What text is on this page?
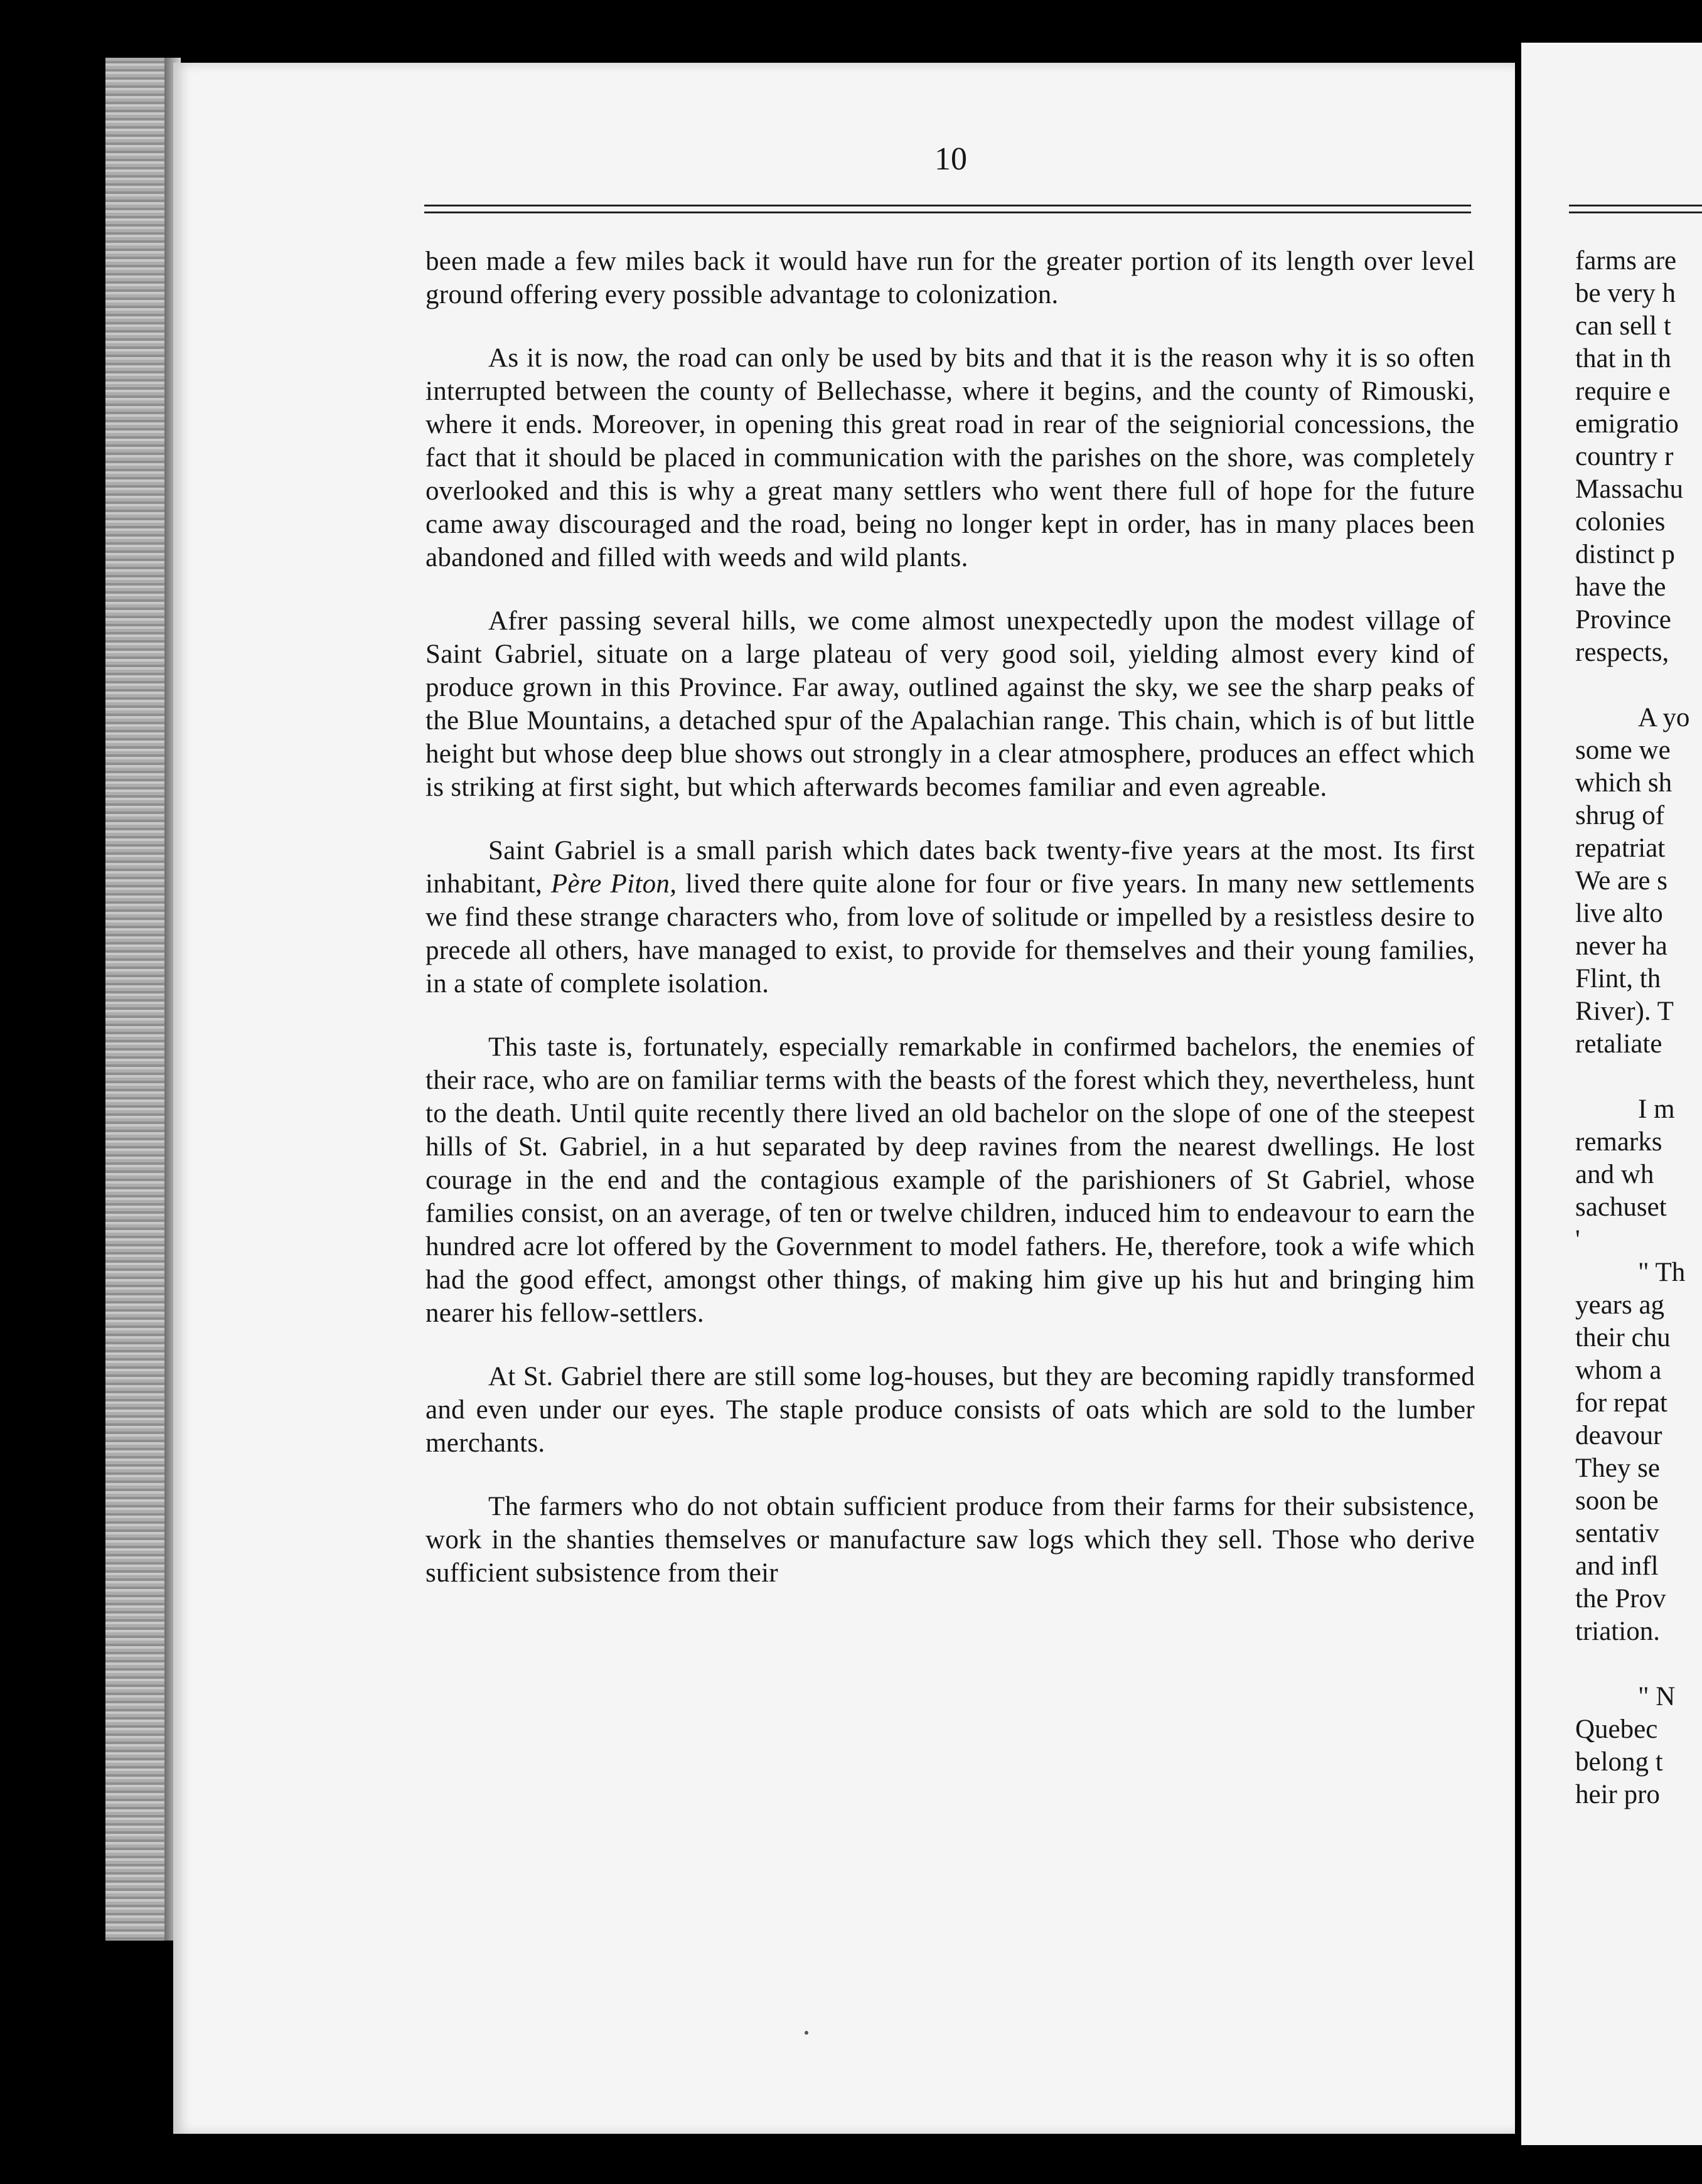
10

been made a few miles back it would have run for the greater portion of its length over level ground offering every possible advantage to colonization.

As it is now, the road can only be used by bits and that it is the reason why it is so often interrupted between the county of Bellechasse, where it begins, and the county of Rimouski, where it ends. Moreover, in opening this great road in rear of the seigniorial concessions, the fact that it should be placed in communication with the parishes on the shore, was completely overlooked and this is why a great many settlers who went there full of hope for the future came away discouraged and the road, being no longer kept in order, has in many places been abandoned and filled with weeds and wild plants.

Afrer passing several hills, we come almost unexpectedly upon the modest village of Saint Gabriel, situate on a large plateau of very good soil, yielding almost every kind of produce grown in this Province. Far away, outlined against the sky, we see the sharp peaks of the Blue Mountains, a detached spur of the Apalachian range. This chain, which is of but little height but whose deep blue shows out strongly in a clear atmosphere, produces an effect which is striking at first sight, but which afterwards becomes familiar and even agreable.

Saint Gabriel is a small parish which dates back twenty-five years at the most. Its first inhabitant, Père Piton, lived there quite alone for four or five years. In many new settlements we find these strange characters who, from love of solitude or impelled by a resistless desire to precede all others, have managed to exist, to provide for themselves and their young families, in a state of complete isolation.

This taste is, fortunately, especially remarkable in confirmed bachelors, the enemies of their race, who are on familiar terms with the beasts of the forest which they, nevertheless, hunt to the death. Until quite recently there lived an old bachelor on the slope of one of the steepest hills of St. Gabriel, in a hut separated by deep ravines from the nearest dwellings. He lost courage in the end and the contagious example of the parishioners of St Gabriel, whose families consist, on an average, of ten or twelve children, induced him to endeavour to earn the hundred acre lot offered by the Government to model fathers. He, therefore, took a wife which had the good effect, amongst other things, of making him give up his hut and bringing him nearer his fellow-settlers.

At St. Gabriel there are still some log-houses, but they are becoming rapidly transformed and even under our eyes. The staple produce consists of oats which are sold to the lumber merchants.

The farmers who do not obtain sufficient produce from their farms for their subsistence, work in the shanties themselves or manufacture saw logs which they sell. Those who derive sufficient subsistence from their

farms are
be very h
can sell t
that in th
require e
emigratio
country r
Massachu
colonies
distinct p
have the
Province
respects,
A yo
some we
which sh
shrug of
repatriat
We are s
live alto
never ha
Flint, th
River). T
retaliate
I m
remarks
and wh
sachuset
'
" Th
years ag
their chu
whom a
for repat
deavour
They se
soon be
sentativ
and infl
the Prov
triation.
" N
Quebec
belong t
heir pro
